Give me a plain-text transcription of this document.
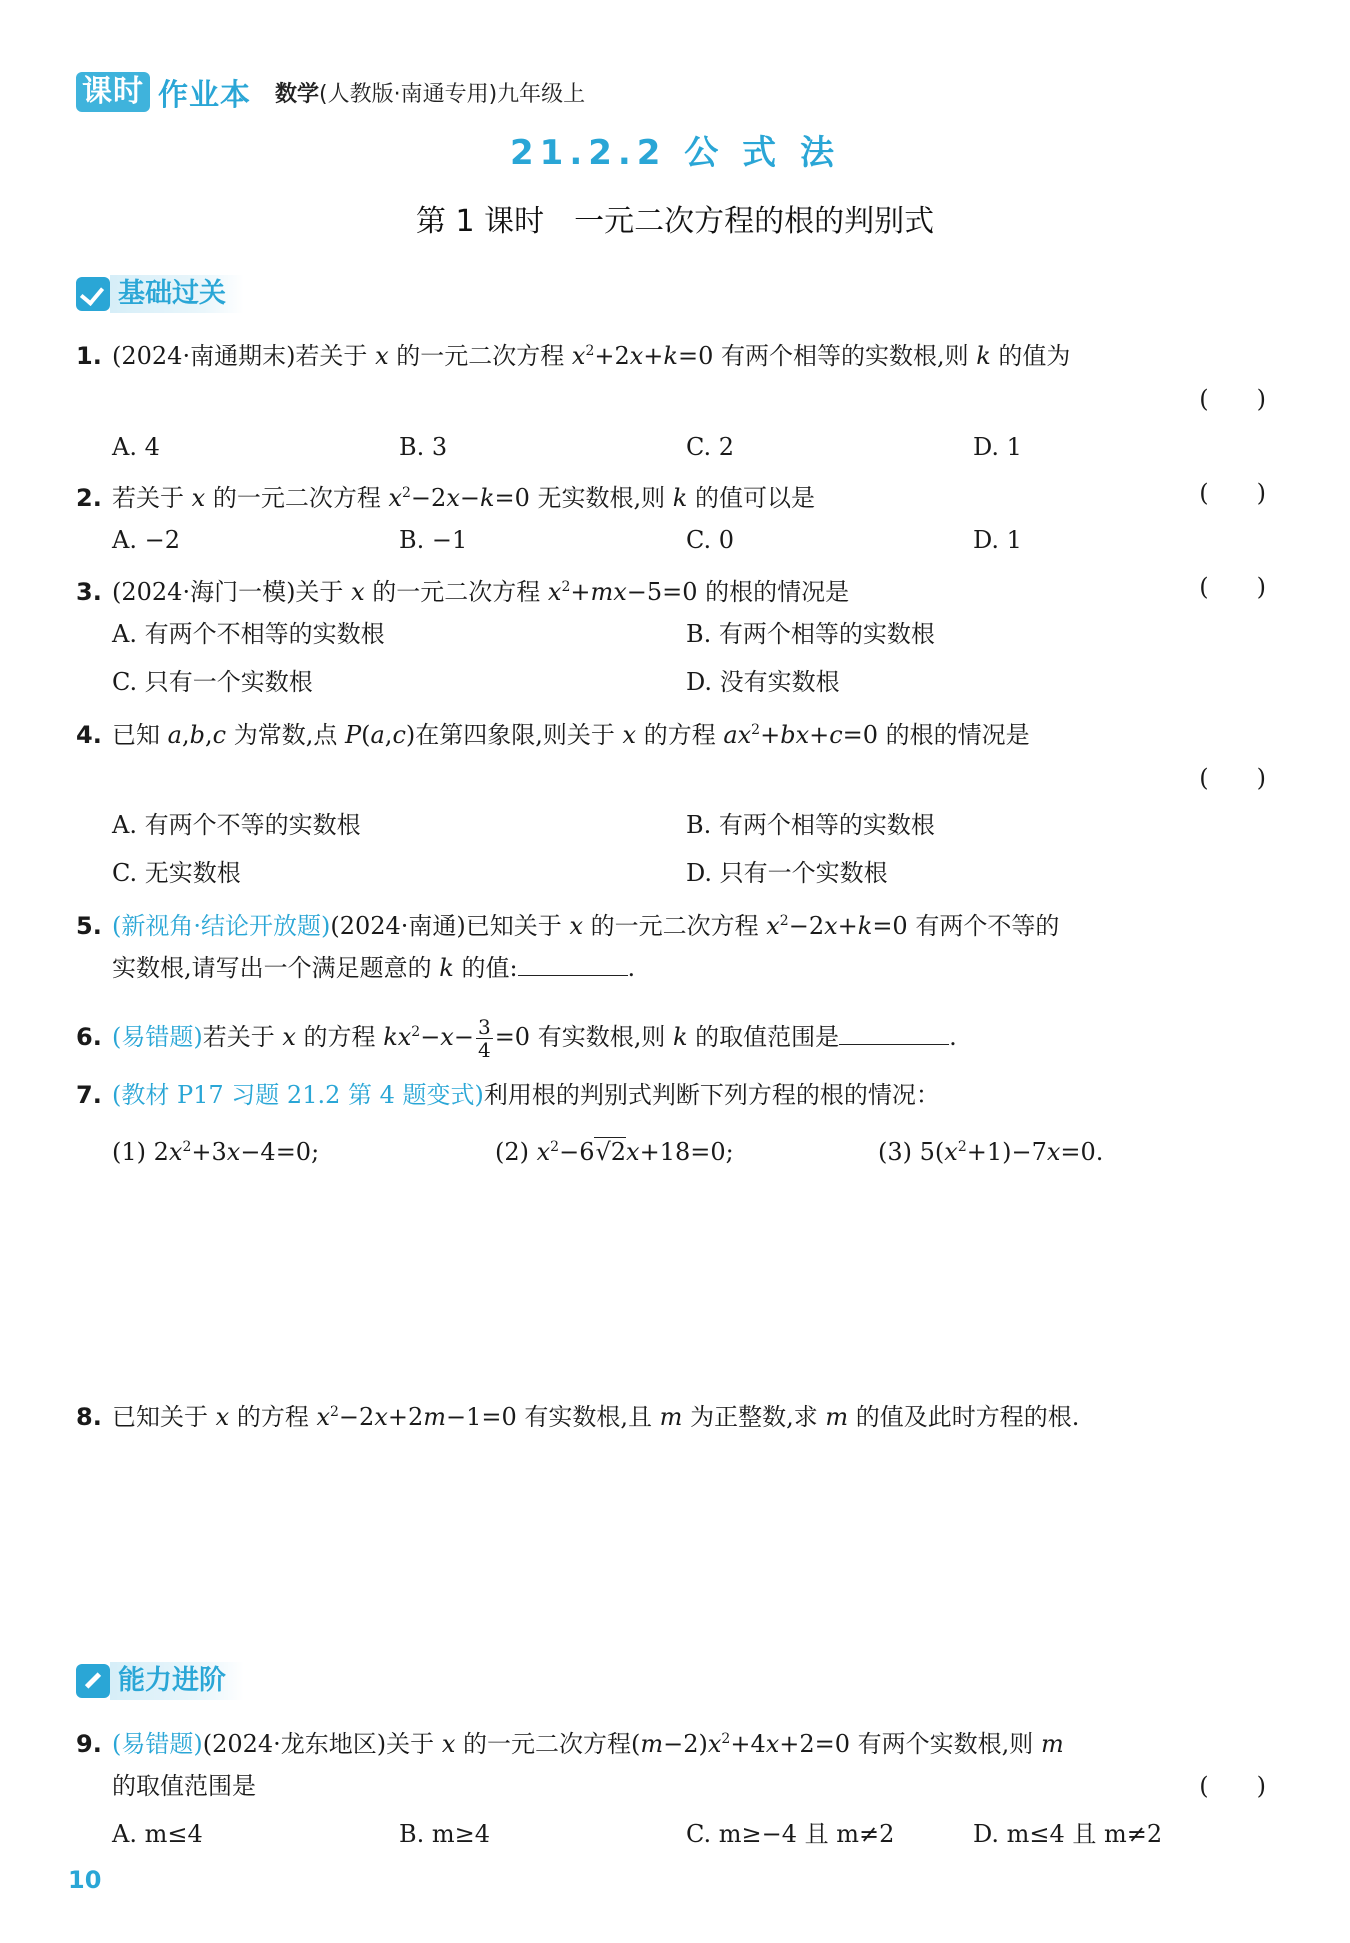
课时 作业本 数学(人教版·南通专用)九年级上
21.2.2 公 式 法
第 1 课时　一元二次方程的根的判别式
基础过关
1. (2024·南通期末)若关于 x 的一元二次方程 $x^2+2x+k=0$ 有两个相等的实数根,则 k 的值为
(　　)
A. 4	B. 3	C. 2	D. 1
2. 若关于 x 的一元二次方程 $x^2-2x-k=0$ 无实数根,则 k 的值可以是	(　　)
A. −2	B. −1	C. 0	D. 1
3. (2024·海门一模)关于 x 的一元二次方程 $x^2+mx-5=0$ 的根的情况是	(　　)
A. 有两个不相等的实数根	B. 有两个相等的实数根
C. 只有一个实数根	D. 没有实数根
4. 已知 a,b,c 为常数,点 P(a,c)在第四象限,则关于 x 的方程 $ax^2+bx+c=0$ 的根的情况是
(　　)
A. 有两个不等的实数根	B. 有两个相等的实数根
C. 无实数根	D. 只有一个实数根
5. (新视角·结论开放题)(2024·南通)已知关于 x 的一元二次方程 $x^2-2x+k=0$ 有两个不等的
实数根,请写出一个满足题意的 k 的值:	.
6. (易错题)若关于 x 的方程 $kx^2-x- \frac{3}{4} =0$ 有实数根,则 k 的取值范围是	.
7. (教材 P17 习题 21.2 第 4 题变式)利用根的判别式判断下列方程的根的情况：
(1) $2x^2+3x-4=0$;	(2) $x^2-6√2x+18=0$;	(3) $5(x^2+1)-7x=0$.
8. 已知关于 x 的方程 $x^2-2x+2m-1=0$ 有实数根,且 m 为正整数,求 m 的值及此时方程的根.
能力进阶
9. (易错题)(2024·龙东地区)关于 x 的一元二次方程$(m-2)x^2+4x+2=0$ 有两个实数根,则 m
的取值范围是	(　　)
A. m≤4	B. m≥4	C. m≥−4 且 m≠2	D. m≤4 且 m≠2
10
